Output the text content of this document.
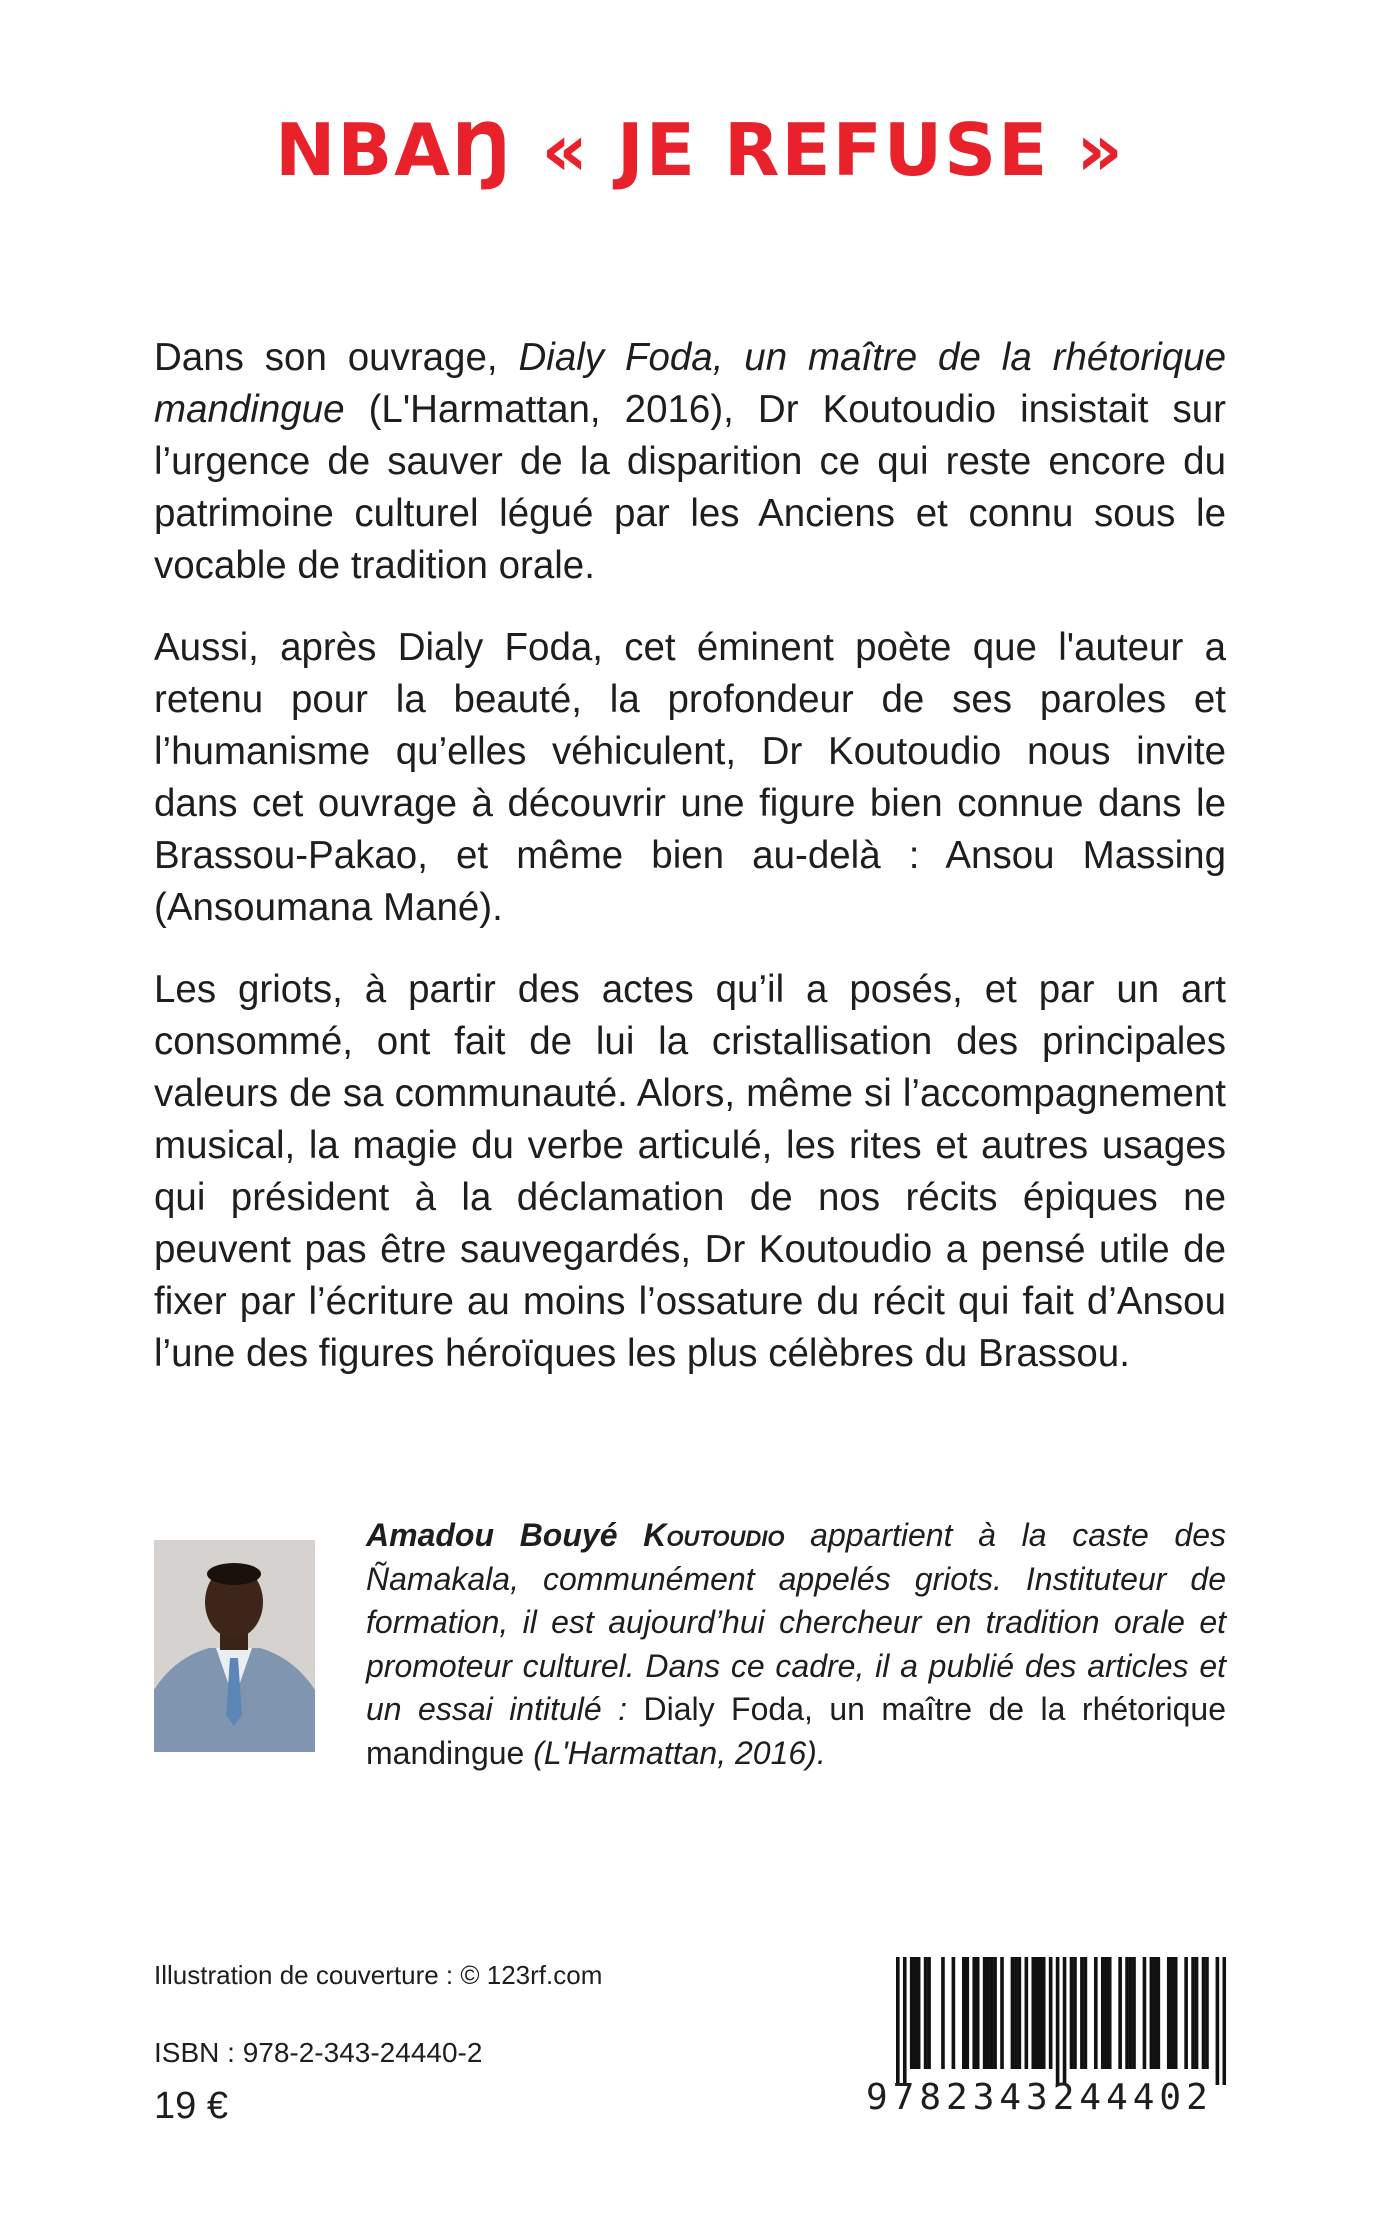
NBAŊ « JE REFUSE »

Dans son ouvrage, Dialy Foda, un maître de la rhétorique mandingue (L'Harmattan, 2016), Dr Koutoudio insistait sur l’urgence de sauver de la disparition ce qui reste encore du patrimoine culturel légué par les Anciens et connu sous le vocable de tradition orale.

Aussi, après Dialy Foda, cet éminent poète que l'auteur a retenu pour la beauté, la profondeur de ses paroles et l’humanisme qu’elles véhiculent, Dr Koutoudio nous invite dans cet ouvrage à découvrir une figure bien connue dans le Brassou-Pakao, et même bien au-delà : Ansou Massing (Ansoumana Mané).

Les griots, à partir des actes qu’il a posés, et par un art consommé, ont fait de lui la cristallisation des principales valeurs de sa communauté. Alors, même si l’accompagnement musical, la magie du verbe articulé, les rites et autres usages qui président à la déclamation de nos récits épiques ne peuvent pas être sauvegardés, Dr Koutoudio a pensé utile de fixer par l’écriture au moins l’ossature du récit qui fait d’Ansou l’une des figures héroïques les plus célèbres du Brassou.

Amadou Bouyé Koutoudio appartient à la caste des Ñamakala, communément appelés griots. Instituteur de formation, il est aujourd’hui chercheur en tradition orale et promoteur culturel. Dans ce cadre, il a publié des articles et un essai intitulé : Dialy Foda, un maître de la rhétorique mandingue (L'Harmattan, 2016).

Illustration de couverture : © 123rf.com

ISBN : 978-2-343-24440-2

19 €	9782343244402
